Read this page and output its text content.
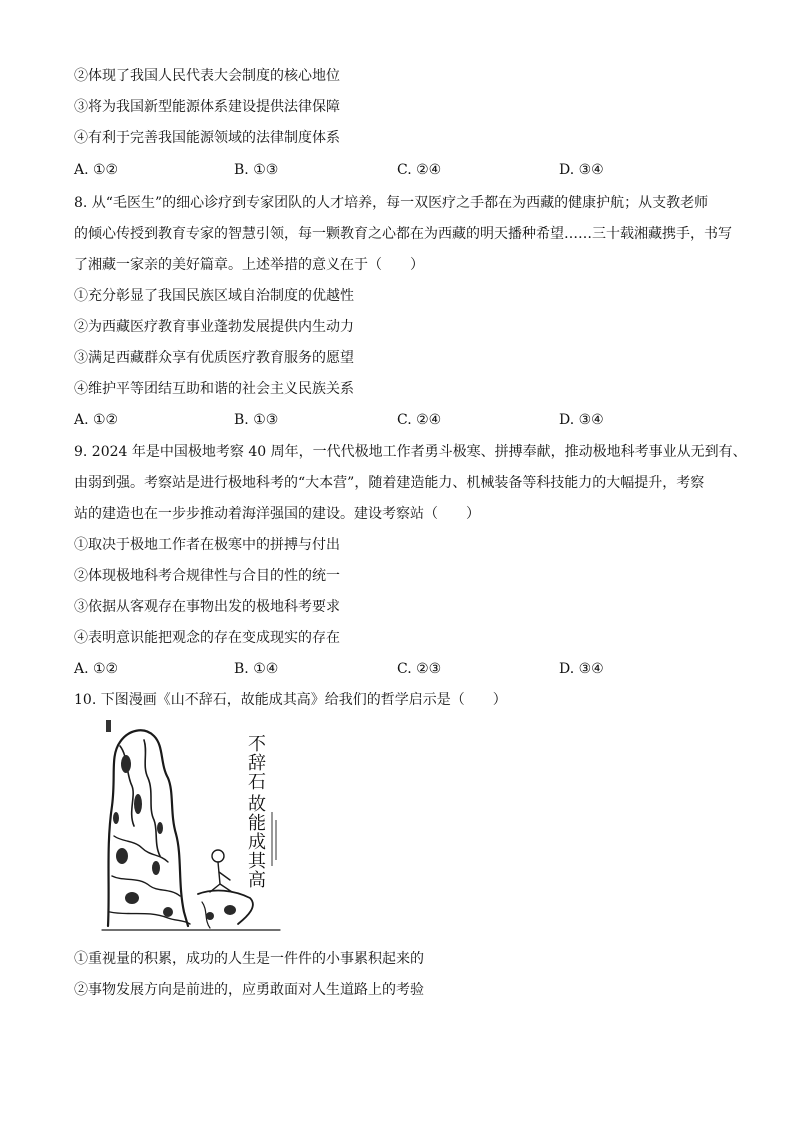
②体现了我国人民代表大会制度的核心地位
③将为我国新型能源体系建设提供法律保障
④有利于完善我国能源领域的法律制度体系
A. ①②	B. ①③	C. ②④	D. ③④
8. 从“毛医生”的细心诊疗到专家团队的人才培养，每一双医疗之手都在为西藏的健康护航；从支教老师
的倾心传授到教育专家的智慧引领，每一颗教育之心都在为西藏的明天播种希望……三十载湘藏携手，书写
了湘藏一家亲的美好篇章。上述举措的意义在于（　　）
①充分彰显了我国民族区域自治制度的优越性
②为西藏医疗教育事业蓬勃发展提供内生动力
③满足西藏群众享有优质医疗教育服务的愿望
④维护平等团结互助和谐的社会主义民族关系
A. ①②	B. ①③	C. ②④	D. ③④
9. 2024 年是中国极地考察 40 周年，一代代极地工作者勇斗极寒、拼搏奉献，推动极地科考事业从无到有、
由弱到强。考察站是进行极地科考的“大本营”，随着建造能力、机械装备等科技能力的大幅提升，考察
站的建造也在一步步推动着海洋强国的建设。建设考察站（　　）
①取决于极地工作者在极寒中的拼搏与付出
②体现极地科考合规律性与合目的性的统一
③依据从客观存在事物出发的极地科考要求
④表明意识能把观念的存在变成现实的存在
A. ①②	B. ①④	C. ②③	D. ③④
10. 下图漫画《山不辞石，故能成其高》给我们的哲学启示是（　　）
不 辞 石 故 能 成 其 高
①重视量的积累，成功的人生是一件件的小事累积起来的
②事物发展方向是前进的，应勇敢面对人生道路上的考验
